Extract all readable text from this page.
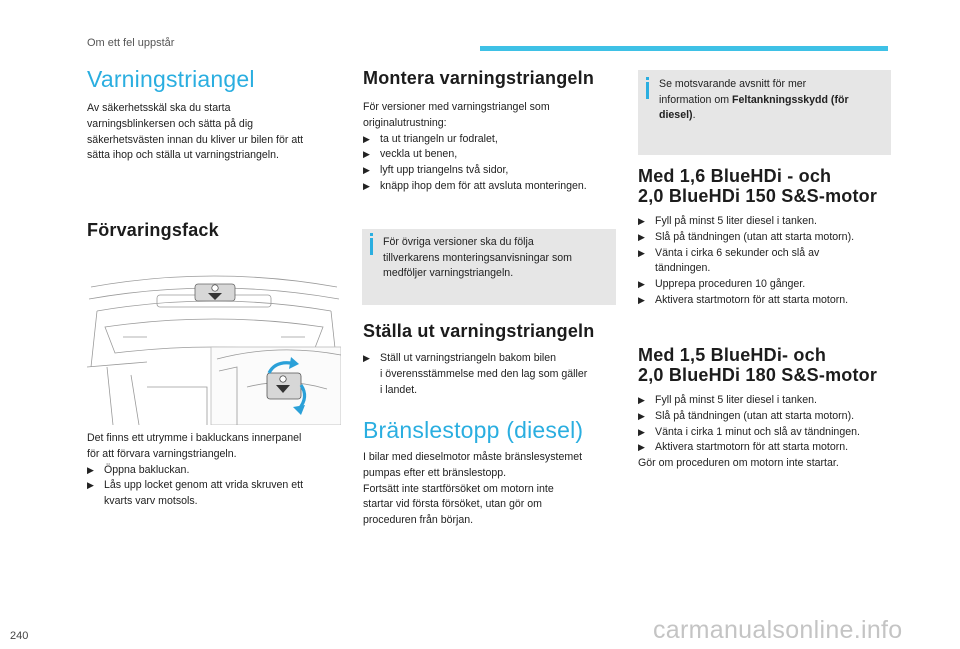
Om ett fel uppstår
Varningstriangel
Av säkerhetsskäl ska du starta
varningsblinkersen och sätta på dig
säkerhetsvästen innan du kliver ur bilen för att
sätta ihop och ställa ut varningstriangeln.
Förvaringsfack
Det finns ett utrymme i bakluckans innerpanel
för att förvara varningstriangeln.
▶ Öppna bakluckan.
▶ Lås upp locket genom att vrida skruven ett
kvarts varv motsols.
Montera varningstriangeln
För versioner med varningstriangel som
originalutrustning:
▶ ta ut triangeln ur fodralet,
▶ veckla ut benen,
▶ lyft upp triangelns två sidor,
▶ knäpp ihop dem för att avsluta monteringen.
För övriga versioner ska du följa
tillverkarens monteringsanvisningar som
medföljer varningstriangeln.
Ställa ut varningstriangeln
▶ Ställ ut varningstriangeln bakom bilen
i överensstämmelse med den lag som gäller
i landet.
Bränslestopp (diesel)
I bilar med dieselmotor måste bränslesystemet
pumpas efter ett bränslestopp.
Fortsätt inte startförsöket om motorn inte
startar vid första försöket, utan gör om
proceduren från början.
Se motsvarande avsnitt för mer
information om Feltankningsskydd (för
diesel).
Med 1,6 BlueHDi - och
2,0 BlueHDi 150 S&S-motor
▶ Fyll på minst 5 liter diesel i tanken.
▶ Slå på tändningen (utan att starta motorn).
▶ Vänta i cirka 6 sekunder och slå av
tändningen.
▶ Upprepa proceduren 10 gånger.
▶ Aktivera startmotorn för att starta motorn.
Med 1,5 BlueHDi- och
2,0 BlueHDi 180 S&S-motor
▶ Fyll på minst 5 liter diesel i tanken.
▶ Slå på tändningen (utan att starta motorn).
▶ Vänta i cirka 1 minut och slå av tändningen.
▶ Aktivera startmotorn för att starta motorn.
Gör om proceduren om motorn inte startar.
240	carmanualsonline.info
